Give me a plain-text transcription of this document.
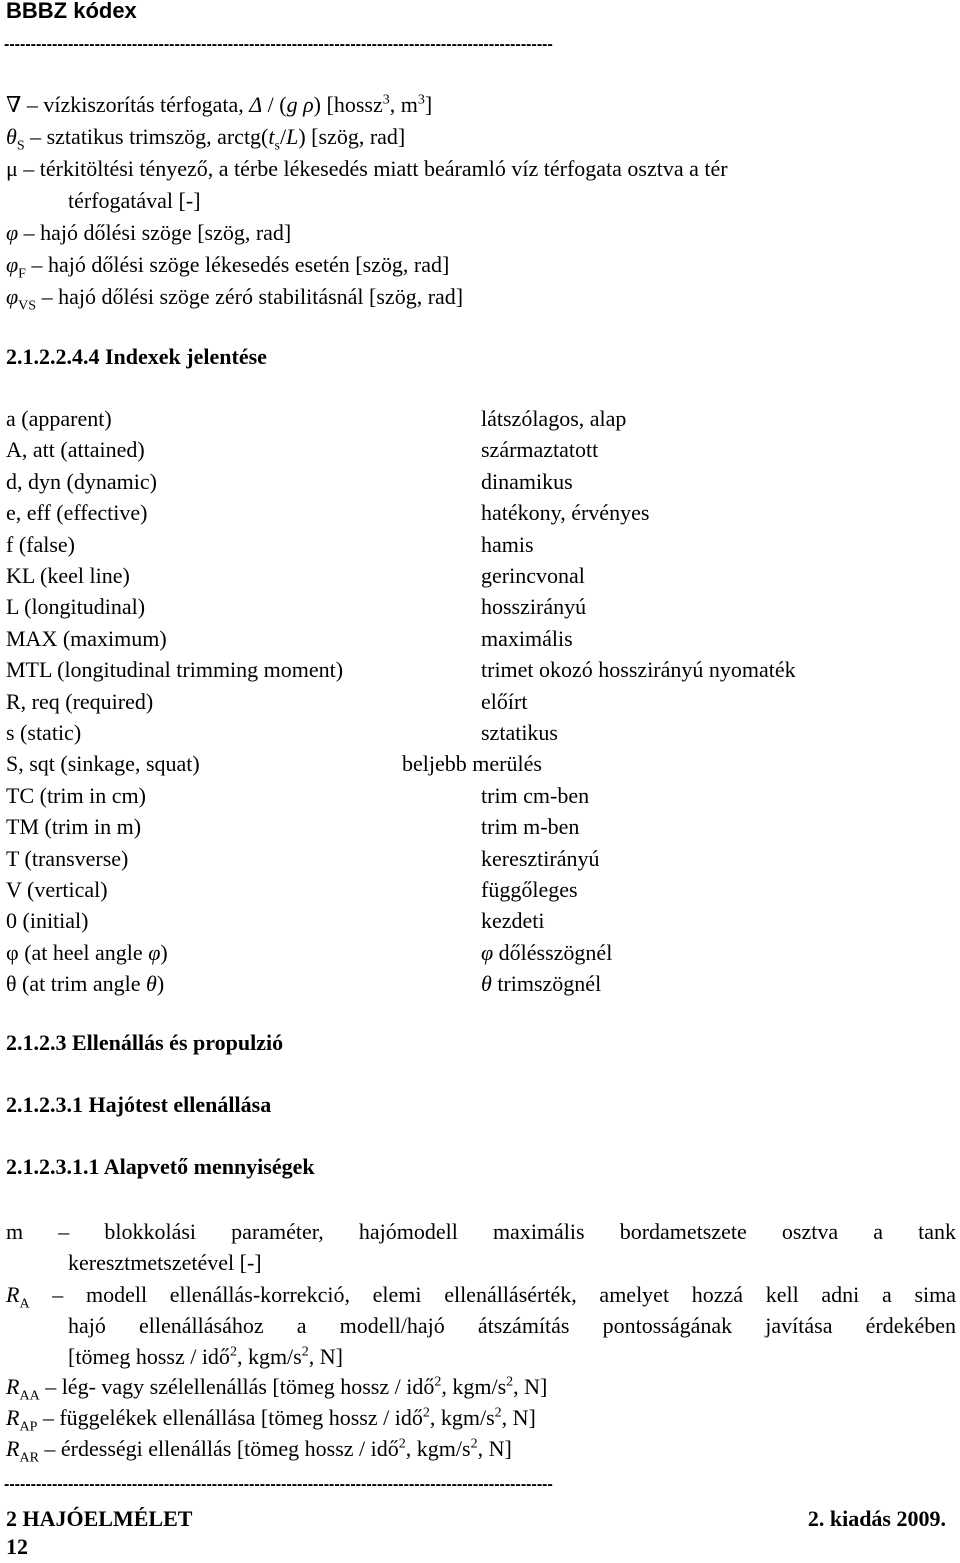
BBBZ kódex
-------------------------------------------------------------------------------------------------------
∇ – vízkiszorítás térfogata, Δ / (g ρ) [hossz$^3$, $m^3$]
$\theta_S$ – sztatikus trimszög, $arctg(t_s/L)$ [szög, rad]
μ – térkitöltési tényező, a térbe lékesedés miatt beáramló víz térfogata osztva a tér
térfogatával [-]
φ – hajó dőlési szöge [szög, rad]
$\varphi_F$ – hajó dőlési szöge lékesedés esetén [szög, rad]
$\varphi_{VS}$ – hajó dőlési szöge zéró stabilitásnál [szög, rad]
2.1.2.2.4.4 Indexek jelentése
a (apparent)	látszólagos, alap
A, att (attained)	származtatott
d, dyn (dynamic)	dinamikus
e, eff (effective)	hatékony, érvényes
f (false)	hamis
KL (keel line)	gerincvonal
L (longitudinal)	hosszirányú
MAX (maximum)	maximális
MTL (longitudinal trimming moment)	trimet okozó hosszirányú nyomaték
R, req (required)	előírt
s (static)	sztatikus
S, sqt (sinkage, squat)	beljebb merülés
TC (trim in cm)	trim cm-ben
TM (trim in m)	trim m-ben
T (transverse)	keresztirányú
V (vertical)	függőleges
0 (initial)	kezdeti
φ (at heel angle φ)	φ dőlésszögnél
θ (at trim angle θ)	θ trimszögnél
2.1.2.3 Ellenállás és propulzió
2.1.2.3.1 Hajótest ellenállása
2.1.2.3.1.1 Alapvető mennyiségek
m – blokkolási paraméter, hajómodell maximális bordametszete osztva a tank
keresztmetszetével [-]
$R_A$ – modell ellenállás-korrekció, elemi ellenállásérték, amelyet hozzá kell adni a sima
hajó ellenállásához a modell/hajó átszámítás pontosságának javítása érdekében
[tömeg hossz / idő$^2$, kgm/$s^2$, N]
$R_{AA}$ – lég- vagy szélellenállás [tömeg hossz / idő$^2$, kgm/$s^2$, N]
$R_{AP}$ – függelékek ellenállása [tömeg hossz / idő$^2$, kgm/$s^2$, N]
$R_{AR}$ – érdességi ellenállás [tömeg hossz / idő$^2$, kgm/$s^2$, N]
-------------------------------------------------------------------------------------------------------
2 HAJÓELMÉLET	2. kiadás 2009.
12
